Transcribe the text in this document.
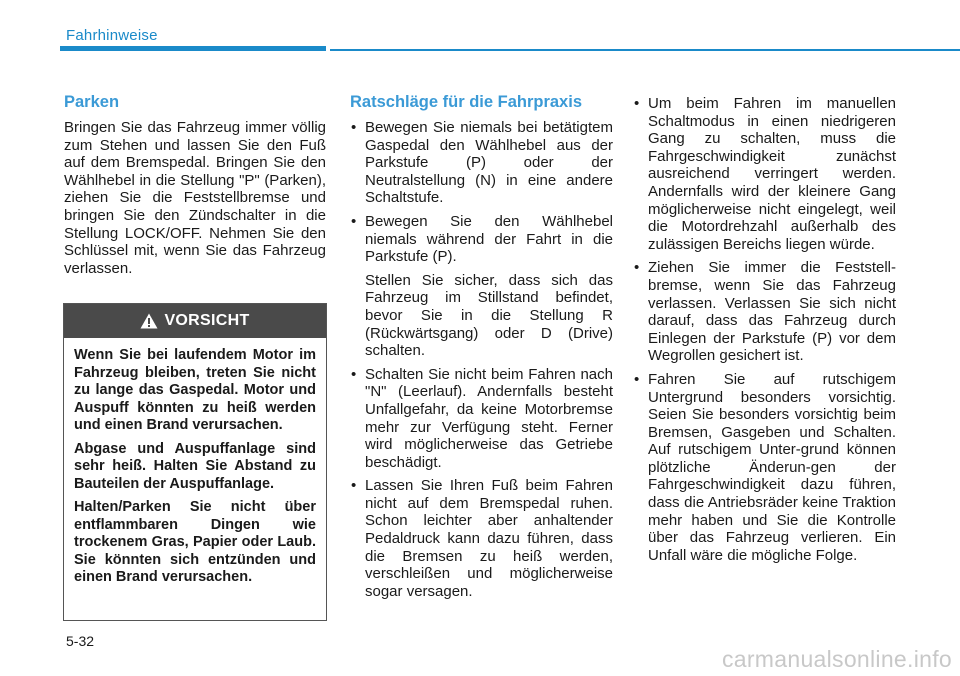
Fahrhinweise
Parken

Bringen Sie das Fahrzeug immer völlig zum Stehen und lassen Sie den Fuß auf dem Bremspedal. Bringen Sie den Wählhebel in die Stellung "P" (Parken), ziehen Sie die Feststellbremse und bringen Sie den Zündschalter in die Stellung LOCK/OFF. Nehmen Sie den Schlüssel mit, wenn Sie das Fahrzeug verlassen.

VORSICHT

Wenn Sie bei laufendem Motor im Fahrzeug bleiben, treten Sie nicht zu lange das Gaspedal. Motor und Auspuff könnten zu heiß werden und einen Brand verursachen.

Abgase und Auspuffanlage sind sehr heiß. Halten Sie Abstand zu Bauteilen der Auspuffanlage.

Halten/Parken Sie nicht über entflammbaren Dingen wie trockenem Gras, Papier oder Laub. Sie könnten sich entzünden und einen Brand verursachen.

Ratschläge für die Fahrpraxis
• Bewegen Sie niemals bei betätigtem Gaspedal den Wählhebel aus der Parkstufe (P) oder der Neutralstellung (N) in eine andere Schaltstufe.
• Bewegen Sie den Wählhebel niemals während der Fahrt in die Parkstufe (P).
Stellen Sie sicher, dass sich das Fahrzeug im Stillstand befindet, bevor Sie in die Stellung R (Rückwärtsgang) oder D (Drive) schalten.
• Schalten Sie nicht beim Fahren nach "N" (Leerlauf). Andernfalls besteht Unfallgefahr, da keine Motorbremse mehr zur Verfügung steht. Ferner wird möglicherweise das Getriebe beschädigt.
• Lassen Sie Ihren Fuß beim Fahren nicht auf dem Bremspedal ruhen. Schon leichter aber anhaltender Pedaldruck kann dazu führen, dass die Bremsen zu heiß werden, verschleißen und möglicherweise sogar versagen.
• Um beim Fahren im manuellen Schaltmodus in einen niedrigeren Gang zu schalten, muss die Fahrgeschwindigkeit zunächst ausreichend verringert werden. Andernfalls wird der kleinere Gang möglicherweise nicht eingelegt, weil die Motordrehzahl außerhalb des zulässigen Bereichs liegen würde.
• Ziehen Sie immer die Feststell-bremse, wenn Sie das Fahrzeug verlassen. Verlassen Sie sich nicht darauf, dass das Fahrzeug durch Einlegen der Parkstufe (P) vor dem Wegrollen gesichert ist.
• Fahren Sie auf rutschigem Untergrund besonders vorsichtig. Seien Sie besonders vorsichtig beim Bremsen, Gasgeben und Schalten. Auf rutschigem Unter-grund können plötzliche Änderun-gen der Fahrgeschwindigkeit dazu führen, dass die Antriebsräder keine Traktion mehr haben und Sie die Kontrolle über das Fahrzeug verlieren. Ein Unfall wäre die mögliche Folge.
5-32
carmanualsonline.info
